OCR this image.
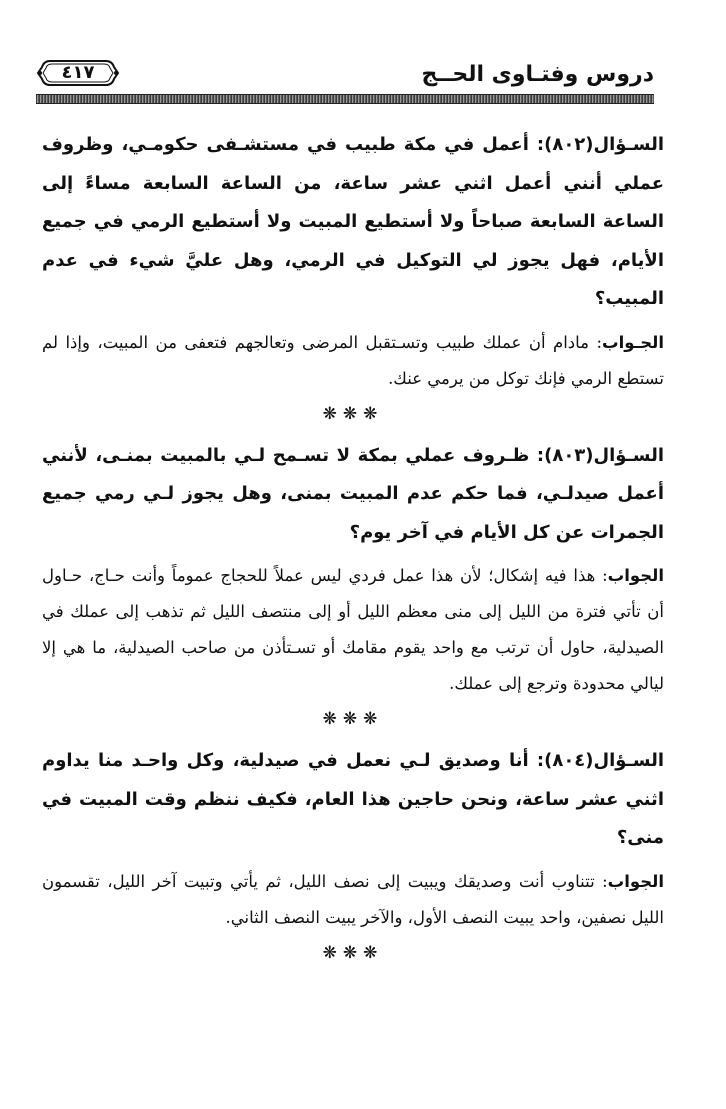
دروس وفتـاوى الحــج
٤١٧

السـؤال(٨٠٢): أعمل في مكة طبيب في مستشـفى حكومـي، وظروف عملي أنني أعمل اثني عشر ساعة، من الساعة السابعة مساءً إلى الساعة السابعة صباحاً ولا أستطيع المبيت ولا أستطيع الرمي في جميع الأيام، فهل يجوز لي التوكيل في الرمي، وهل عليَّ شيء في عدم المبيب؟

الجـواب: مادام أن عملك طبيب وتسـتقبل المرضى وتعالجهم فتعفى من المبيت، وإذا لم تستطع الرمي فإنك توكل من يرمي عنك.

❋❋❋

السـؤال(٨٠٣): ظـروف عملي بمكة لا تسـمح لـي بالمبيت بمنـى، لأنني أعمل صيدلـي، فما حكم عدم المبيت بمنى، وهل يجوز لـي رمي جميع الجمرات عن كل الأيام في آخر يوم؟

الجواب: هذا فيه إشكال؛ لأن هذا عمل فردي ليس عملاً للحجاج عموماً وأنت حـاج، حـاول أن تأتي فترة من الليل إلى منى معظم الليل أو إلى منتصف الليل ثم تذهب إلى عملك في الصيدلية، حاول أن ترتب مع واحد يقوم مقامك أو تسـتأذن من صاحب الصيدلية، ما هي إلا ليالي محدودة وترجع إلى عملك.

❋❋❋

السـؤال(٨٠٤): أنا وصديق لـي نعمل في صيدلية، وكل واحـد منا يداوم اثني عشر ساعة، ونحن حاجين هذا العام، فكيف ننظم وقت المبيت في منى؟

الجواب: تتناوب أنت وصديقك ويبيت إلى نصف الليل، ثم يأتي وتبيت آخر الليل، تقسمون الليل نصفين، واحد يبيت النصف الأول، والآخر يبيت النصف الثاني.

❋❋❋
